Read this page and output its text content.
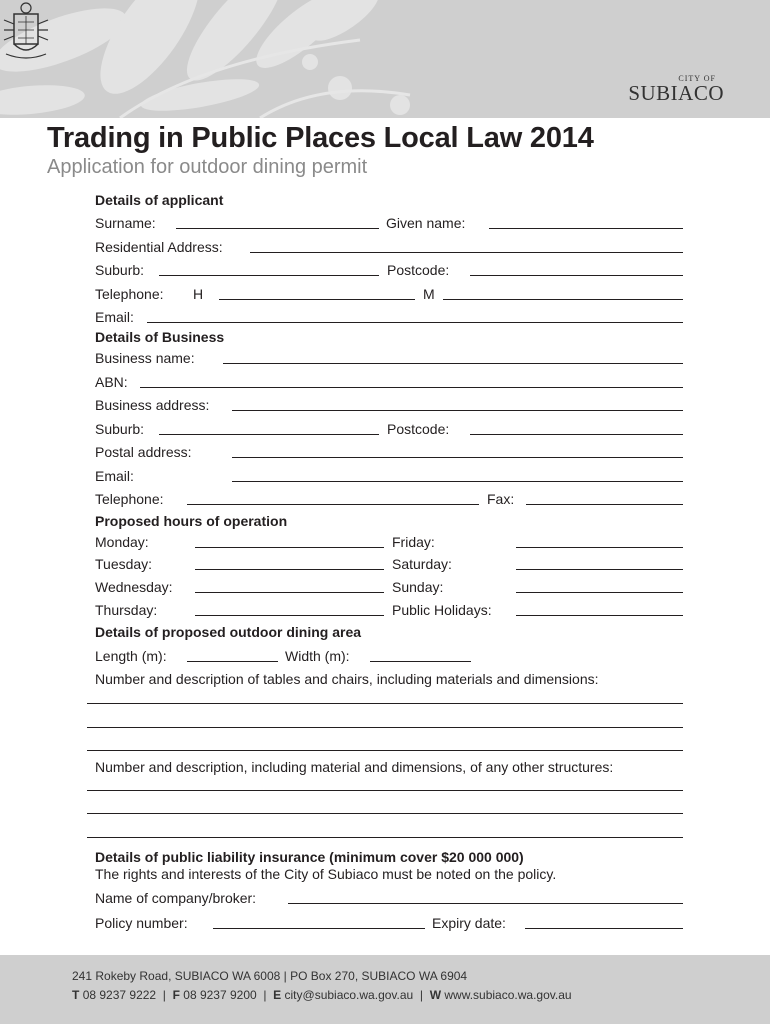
CITY OF
SUBIACO
Trading in Public Places Local Law 2014
Application for outdoor dining permit
Details of applicant
Surname:	Given name:
Residential Address:
Suburb:	Postcode:
Telephone: H	M
Email:
Details of Business
Business name:
ABN:
Business address:
Suburb:	Postcode:
Postal address:
Email:
Telephone:	Fax:
Proposed hours of operation
Monday:	Friday:
Tuesday:	Saturday:
Wednesday:	Sunday:
Thursday:	Public Holidays:
Details of proposed outdoor dining area
Length (m):	Width (m):
Number and description of tables and chairs, including materials and dimensions:
Number and description, including material and dimensions, of any other structures:
Details of public liability insurance (minimum cover $20 000 000)
The rights and interests of the City of Subiaco must be noted on the policy.
Name of company/broker:
Policy number:	Expiry date:
241 Rokeby Road, SUBIACO WA 6008 | PO Box 270, SUBIACO WA 6904
T 08 9237 9222  |  F 08 9237 9200  |  E city@subiaco.wa.gov.au  |  W www.subiaco.wa.gov.au
